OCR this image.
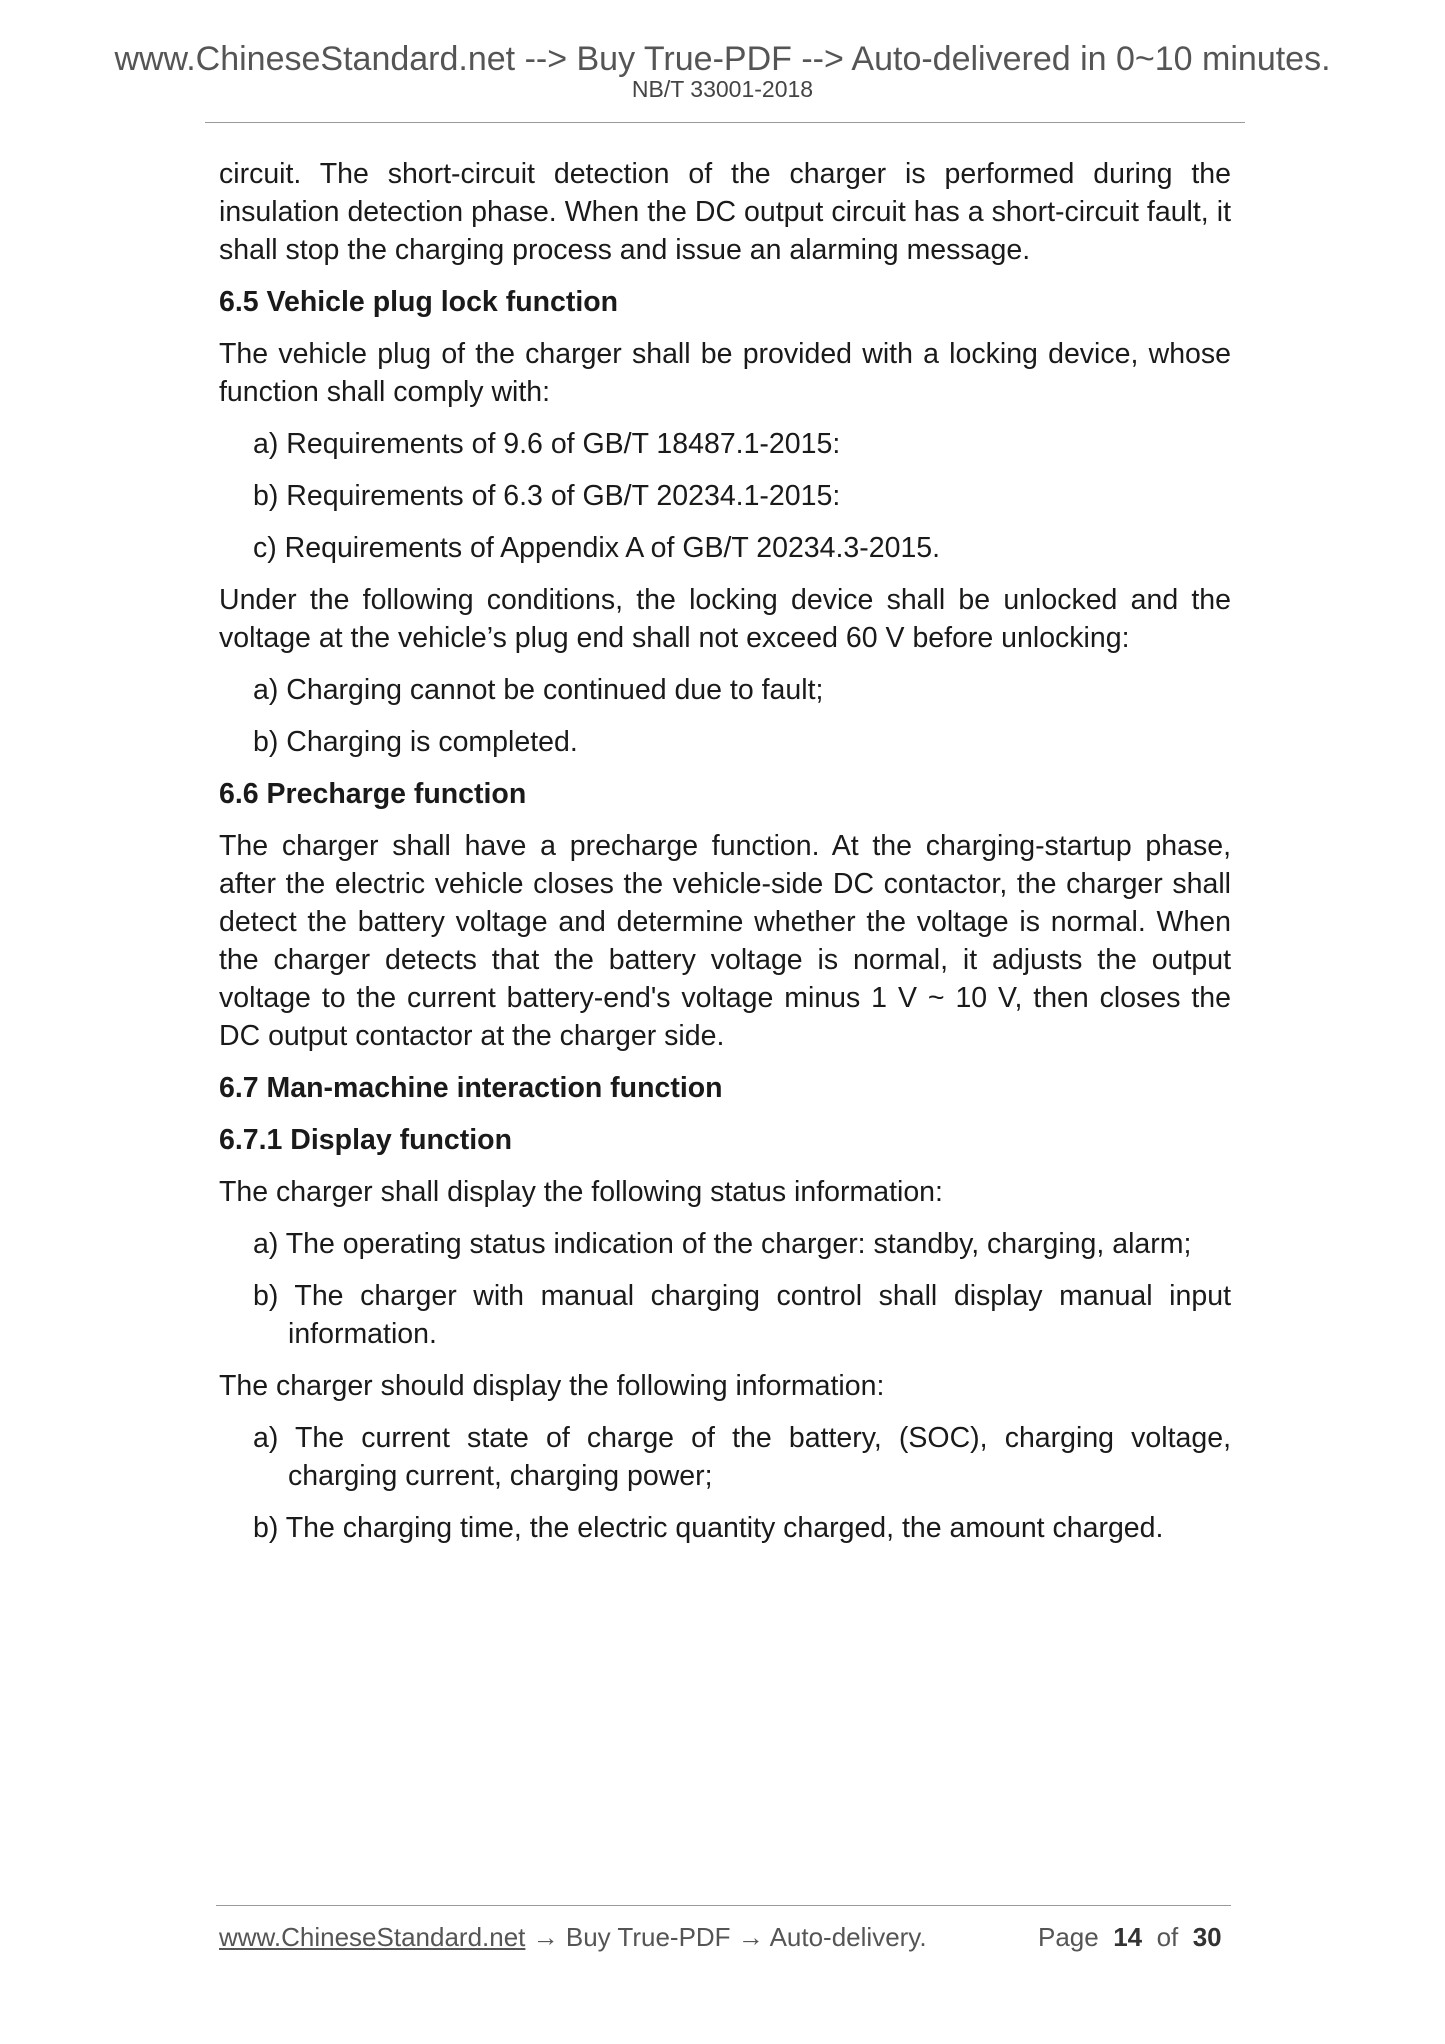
www.ChineseStandard.net --> Buy True-PDF --> Auto-delivered in 0~10 minutes.
NB/T 33001-2018

circuit. The short-circuit detection of the charger is performed during the insulation detection phase. When the DC output circuit has a short-circuit fault, it shall stop the charging process and issue an alarming message.

6.5 Vehicle plug lock function

The vehicle plug of the charger shall be provided with a locking device, whose function shall comply with:

a) Requirements of 9.6 of GB/T 18487.1-2015:

b) Requirements of 6.3 of GB/T 20234.1-2015:

c) Requirements of Appendix A of GB/T 20234.3-2015.

Under the following conditions, the locking device shall be unlocked and the voltage at the vehicle’s plug end shall not exceed 60 V before unlocking:

a) Charging cannot be continued due to fault;

b) Charging is completed.

6.6 Precharge function

The charger shall have a precharge function. At the charging-startup phase, after the electric vehicle closes the vehicle-side DC contactor, the charger shall detect the battery voltage and determine whether the voltage is normal. When the charger detects that the battery voltage is normal, it adjusts the output voltage to the current battery-end's voltage minus 1 V ~ 10 V, then closes the DC output contactor at the charger side.

6.7 Man-machine interaction function

6.7.1 Display function

The charger shall display the following status information:

a) The operating status indication of the charger: standby, charging, alarm;

b) The charger with manual charging control shall display manual input information.

The charger should display the following information:

a) The current state of charge of the battery, (SOC), charging voltage, charging current, charging power;

b) The charging time, the electric quantity charged, the amount charged.

www.ChineseStandard.net → Buy True-PDF → Auto-delivery.	Page 14 of 30
